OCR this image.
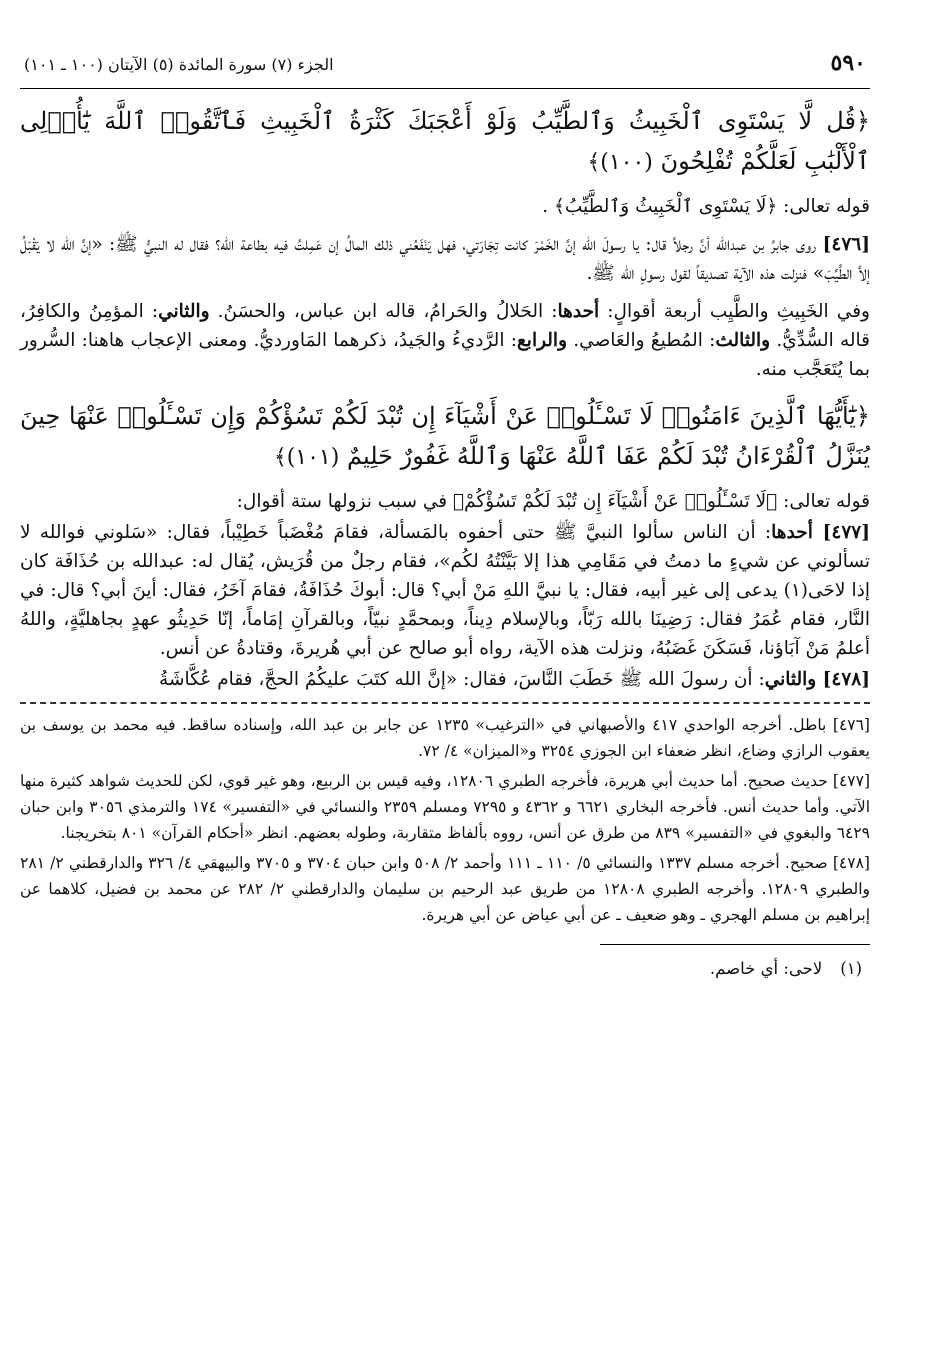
٥٩٠
الجزء (٧) سورة المائدة (٥) الآيتان (١٠٠ ـ ١٠١)
﴿قُل لَّا يَسْتَوِى ٱلْخَبِيثُ وَٱلطَّيِّبُ وَلَوْ أَعْجَبَكَ كَثْرَةُ ٱلْخَبِيثِ فَٱتَّقُوا۟ ٱللَّهَ يَٰٓأُو۟لِى ٱلْأَلْبَٰبِ لَعَلَّكُمْ تُفْلِحُونَ (١٠٠)﴾
قوله تعالى: ﴿لَا يَسْتَوِى ٱلْخَبِيثُ وَٱلطَّيِّبُ﴾ .
[٤٧٦] روى جابرُ بن عبدالله أنَّ رجلاً قال: يا رسولَ الله إنَّ الخَمْرَ كانت تِجَارَتي، فهل يَنْفَعُني ذلك المالُ إن عَمِلتُ فيه بطاعة الله؟ فقال له النبيُّ ﷺ: «إنَّ الله لا يَقْبَلُ إلاَّ الطَّيِّبَ» فنزلت هذه الآية تصديقاً لقول رسولِ الله ﷺ.
وفي الخَبِيثِ والطَّيِب أربعة أقوالٍ: أحدها: الحَلالُ والحَرامُ، قاله ابن عباس، والحسَنُ. والثاني: المؤمِنُ والكافِرُ، قاله السُّدِّيُّ. والثالث: المُطيعُ والعَاصي. والرابع: الرَّديءُ والجَيدُ، ذكرهما المَاورديُّ. ومعنى الإعجاب هاهنا: السُّرور بما يُتَعَجَّب منه.
﴿يَٰٓأَيُّهَا ٱلَّذِينَ ءَامَنُوا۟ لَا تَسْـَٔلُوا۟ عَنْ أَشْيَآءَ إِن تُبْدَ لَكُمْ تَسُؤْكُمْ وَإِن تَسْـَٔلُوا۟ عَنْهَا حِينَ يُنَزَّلُ ٱلْقُرْءَانُ تُبْدَ لَكُمْ عَفَا ٱللَّهُ عَنْهَا وَٱللَّهُ غَفُورٌ حَلِيمٌ (١٠١)﴾
قوله تعالى: ﴿لَا تَسْـَٔلُوا۟ عَنْ أَشْيَآءَ إِن تُبْدَ لَكُمْ تَسُؤْكُمْ﴾ في سبب نزولها ستة أقوال:
[٤٧٧] أحدها: أن الناس سألوا النبيَّ ﷺ حتى أحفوه بالمَسألة، فقامَ مُغْضَباً خَطِيْباً، فقال: «سَلوني فوالله لا تسألوني عن شيءٍ ما دمتُ في مَقَامِي هذا إلا بَيَّنْتُهُ لكُم»، فقام رجلٌ من قُرَيش، يُقال له: عبدالله بن حُذَافَة كان إذا لاحَى(١) يدعى إلى غير أبيه، فقال: يا نبيَّ اللهِ مَنْ أبي؟ قال: أبوكَ حُذَافَةُ، فقامَ آخَرُ، فقال: أينَ أبي؟ قال: في النَّار، فقام عُمَرُ فقال: رَضِينَا بالله رَبّاً، وبالإسلام دِيناً، وبمحمَّدٍ نبيّاً، وبالقرآنِ إمَاماً، إنّا حَدِيثُو عهدٍ بجاهليَّةٍ، واللهُ أعلمُ مَنْ آبَاؤنا، فَسَكَنَ غَضَبُهُ، ونزلت هذه الآية، رواه أبو صالح عن أبي هُريرةَ، وقتادةُ عن أنس.
[٤٧٨] والثاني: أن رسولَ الله ﷺ خَطَبَ النَّاسَ، فقال: «إنَّ الله كتَبَ عليكُمُ الحجَّ، فقام عُكَّاشَةُ
[٤٧٦] باطل. أخرجه الواحدي ٤١٧ والأصبهاني في «الترغيب» ١٢٣٥ عن جابر بن عبد الله، وإسناده ساقط. فيه محمد بن يوسف بن يعقوب الرازي وضاع، انظر ضعفاء ابن الجوزي ٣٢٥٤ و«الميزان» ٤/ ٧٢.
[٤٧٧] حديث صحيح. أما حديث أبي هريرة، فأخرجه الطبري ١٢٨٠٦، وفيه قيس بن الربيع، وهو غير قوي، لكن للحديث شواهد كثيرة منها الآتي. وأما حديث أنس. فأخرجه البخاري ٦٦٢١ و ٤٣٦٢ و ٧٢٩٥ ومسلم ٢٣٥٩ والنسائي في «التفسير» ١٧٤ والترمذي ٣٠٥٦ وابن حبان ٦٤٢٩ والبغوي في «التفسير» ٨٣٩ من طرق عن أنس، رووه بألفاظ متقاربة، وطوله بعضهم. انظر «أحكام القرآن» ٨٠١ بتخريجنا.
[٤٧٨] صحيح. أخرجه مسلم ١٣٣٧ والنسائي ٥/ ١١٠ ـ ١١١ وأحمد ٢/ ٥٠٨ وابن حبان ٣٧٠٤ و ٣٧٠٥ والبيهقي ٤/ ٣٢٦ والدارقطني ٢/ ٢٨١ والطبري ١٢٨٠٩. وأخرجه الطبري ١٢٨٠٨ من طريق عبد الرحيم بن سليمان والدارقطني ٢/ ٢٨٢ عن محمد بن فضيل، كلاهما عن إبراهيم بن مسلم الهجري ـ وهو ضعيف ـ عن أبي عياض عن أبي هريرة.
(١)لاحى: أي خاصم.
